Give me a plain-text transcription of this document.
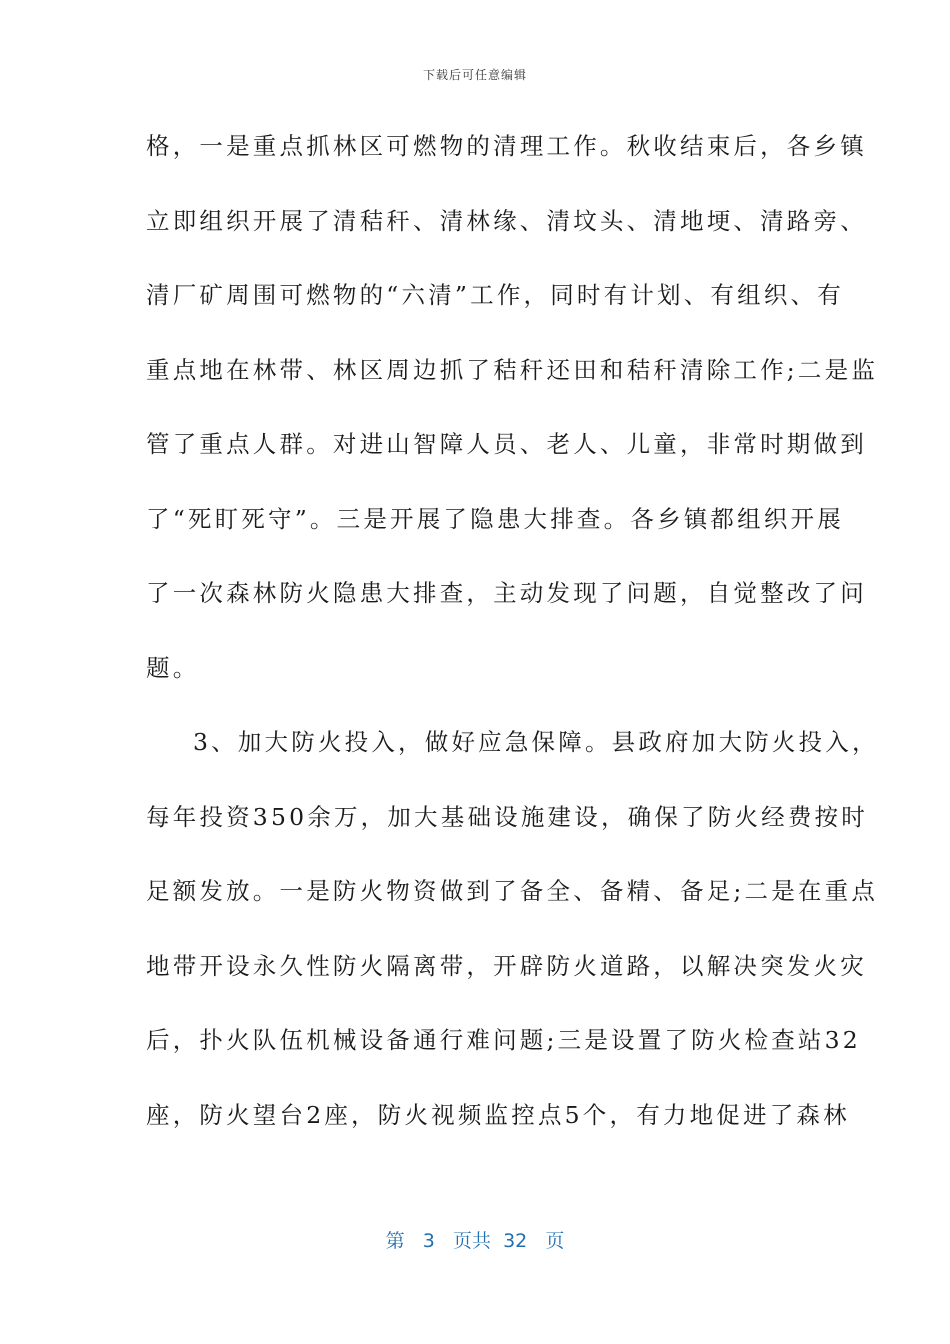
下载后可任意编辑
格，一是重点抓林区可燃物的清理工作。秋收结束后，各乡镇
立即组织开展了清秸秆、清林缘、清坟头、清地埂、清路旁、
清厂矿周围可燃物的“六清”工作，同时有计划、有组织、有
重点地在林带、林区周边抓了秸秆还田和秸秆清除工作;二是监
管了重点人群。对进山智障人员、老人、儿童，非常时期做到
了“死盯死守”。三是开展了隐患大排查。各乡镇都组织开展
了一次森林防火隐患大排查，主动发现了问题，自觉整改了问
题。
3、加大防火投入，做好应急保障。县政府加大防火投入，
每年投资350余万，加大基础设施建设，确保了防火经费按时
足额发放。一是防火物资做到了备全、备精、备足;二是在重点
地带开设永久性防火隔离带，开辟防火道路，以解决突发火灾
后，扑火队伍机械设备通行难问题;三是设置了防火检查站32
座，防火望台2座，防火视频监控点5个，有力地促进了森林
第 3 页共 32 页
